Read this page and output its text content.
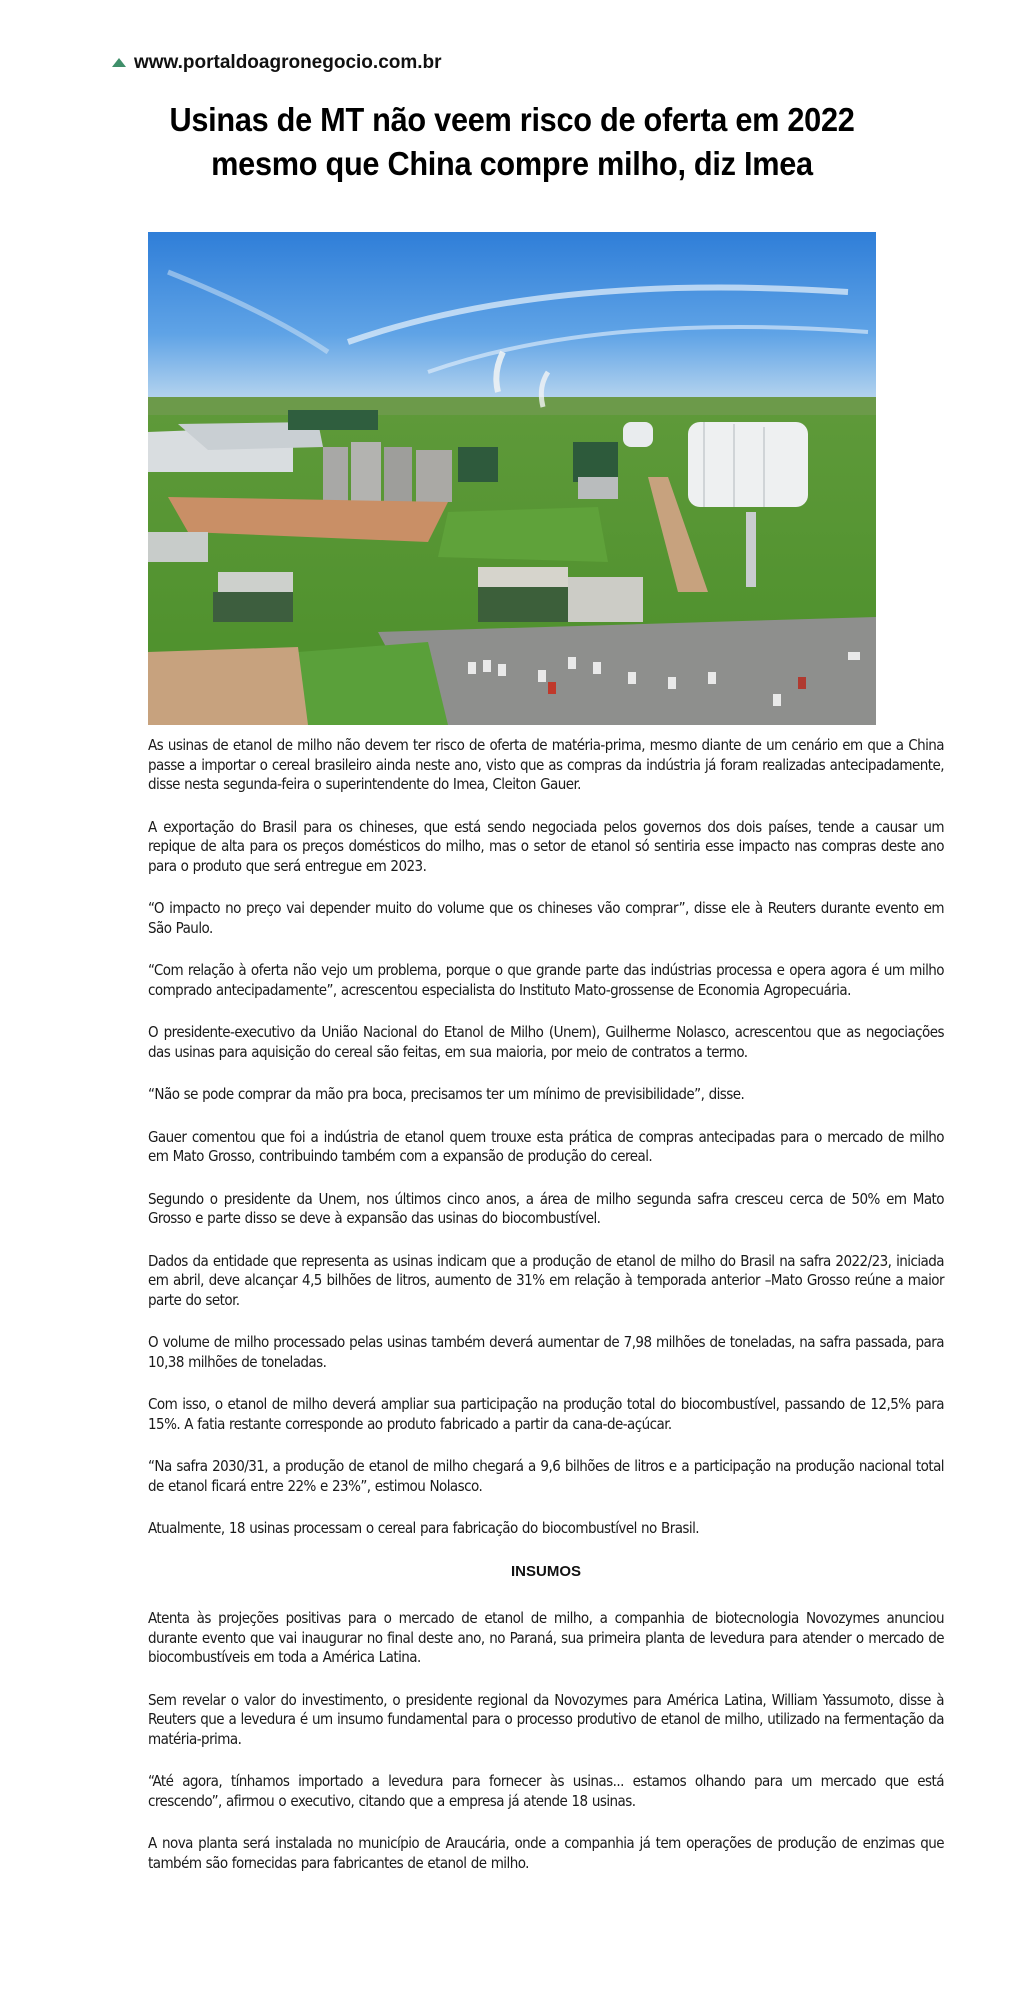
www.portaldoagronegocio.com.br
Usinas de MT não veem risco de oferta em 2022 mesmo que China compre milho, diz Imea

As usinas de etanol de milho não devem ter risco de oferta de matéria-prima, mesmo diante de um cenário em que a China passe a importar o cereal brasileiro ainda neste ano, visto que as compras da indústria já foram realizadas antecipadamente, disse nesta segunda-feira o superintendente do Imea, Cleiton Gauer.

A exportação do Brasil para os chineses, que está sendo negociada pelos governos dos dois países, tende a causar um repique de alta para os preços domésticos do milho, mas o setor de etanol só sentiria esse impacto nas compras deste ano para o produto que será entregue em 2023.

“O impacto no preço vai depender muito do volume que os chineses vão comprar”, disse ele à Reuters durante evento em São Paulo.

“Com relação à oferta não vejo um problema, porque o que grande parte das indústrias processa e opera agora é um milho comprado antecipadamente”, acrescentou especialista do Instituto Mato-grossense de Economia Agropecuária.

O presidente-executivo da União Nacional do Etanol de Milho (Unem), Guilherme Nolasco, acrescentou que as negociações das usinas para aquisição do cereal são feitas, em sua maioria, por meio de contratos a termo.

“Não se pode comprar da mão pra boca, precisamos ter um mínimo de previsibilidade”, disse.

Gauer comentou que foi a indústria de etanol quem trouxe esta prática de compras antecipadas para o mercado de milho em Mato Grosso, contribuindo também com a expansão de produção do cereal.

Segundo o presidente da Unem, nos últimos cinco anos, a área de milho segunda safra cresceu cerca de 50% em Mato Grosso e parte disso se deve à expansão das usinas do biocombustível.

Dados da entidade que representa as usinas indicam que a produção de etanol de milho do Brasil na safra 2022/23, iniciada em abril, deve alcançar 4,5 bilhões de litros, aumento de 31% em relação à temporada anterior –Mato Grosso reúne a maior parte do setor.

O volume de milho processado pelas usinas também deverá aumentar de 7,98 milhões de toneladas, na safra passada, para 10,38 milhões de toneladas.

Com isso, o etanol de milho deverá ampliar sua participação na produção total do biocombustível, passando de 12,5% para 15%. A fatia restante corresponde ao produto fabricado a partir da cana-de-açúcar.

“Na safra 2030/31, a produção de etanol de milho chegará a 9,6 bilhões de litros e a participação na produção nacional total de etanol ficará entre 22% e 23%”, estimou Nolasco.

Atualmente, 18 usinas processam o cereal para fabricação do biocombustível no Brasil.

INSUMOS

Atenta às projeções positivas para o mercado de etanol de milho, a companhia de biotecnologia Novozymes anunciou durante evento que vai inaugurar no final deste ano, no Paraná, sua primeira planta de levedura para atender o mercado de biocombustíveis em toda a América Latina.

Sem revelar o valor do investimento, o presidente regional da Novozymes para América Latina, William Yassumoto, disse à Reuters que a levedura é um insumo fundamental para o processo produtivo de etanol de milho, utilizado na fermentação da matéria-prima.

“Até agora, tínhamos importado a levedura para fornecer às usinas... estamos olhando para um mercado que está crescendo”, afirmou o executivo, citando que a empresa já atende 18 usinas.

A nova planta será instalada no município de Araucária, onde a companhia já tem operações de produção de enzimas que também são fornecidas para fabricantes de etanol de milho.
